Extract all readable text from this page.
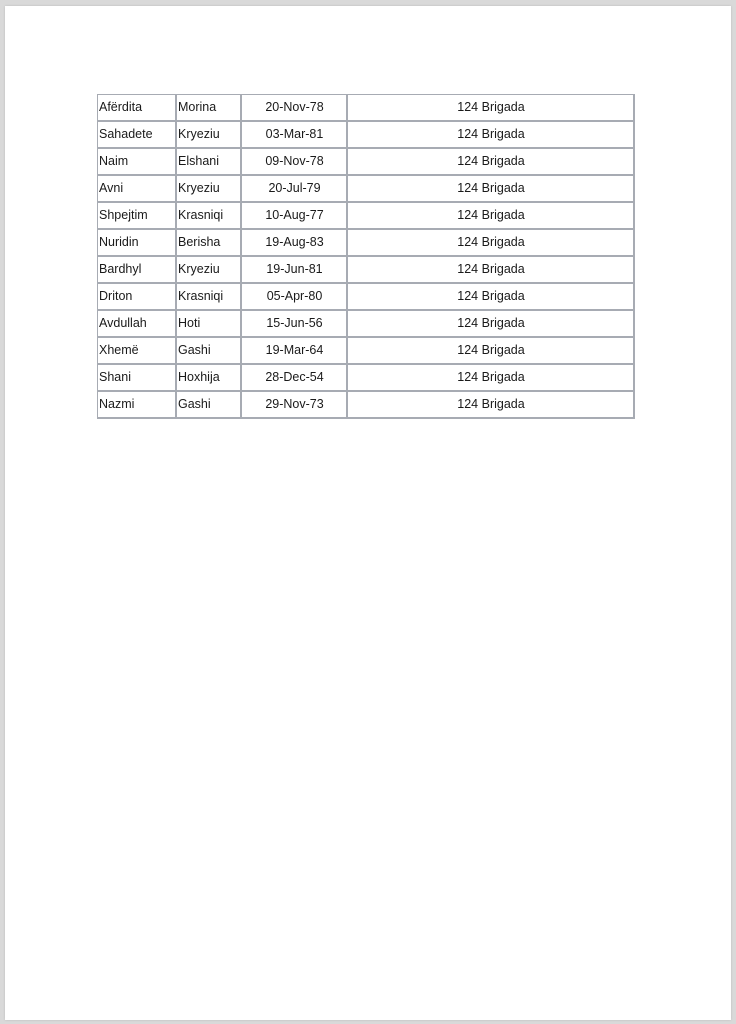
Afërdita	Morina	20-Nov-78	124 Brigada
Sahadete	Kryeziu	03-Mar-81	124 Brigada
Naim	Elshani	09-Nov-78	124 Brigada
Avni	Kryeziu	20-Jul-79	124 Brigada
Shpejtim	Krasniqi	10-Aug-77	124 Brigada
Nuridin	Berisha	19-Aug-83	124 Brigada
Bardhyl	Kryeziu	19-Jun-81	124 Brigada
Driton	Krasniqi	05-Apr-80	124 Brigada
Avdullah	Hoti	15-Jun-56	124 Brigada
Xhemë	Gashi	19-Mar-64	124 Brigada
Shani	Hoxhija	28-Dec-54	124 Brigada
Nazmi	Gashi	29-Nov-73	124 Brigada
